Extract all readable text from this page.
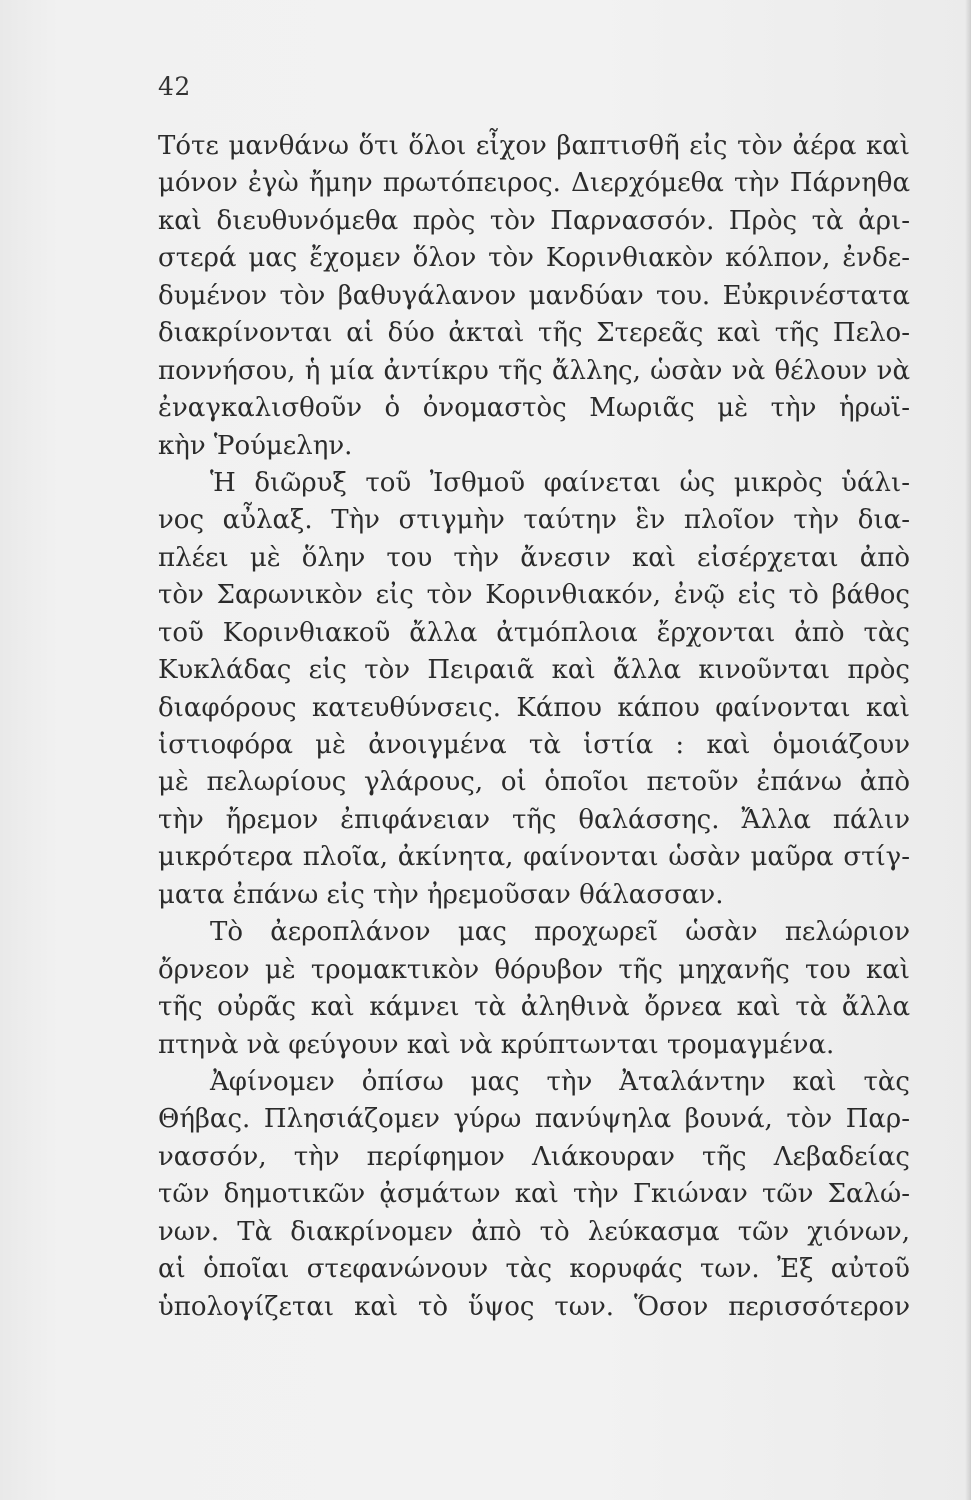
42
Τότε μανθάνω ὅτι ὅλοι εἶχον βαπτισθῆ εἰς τὸν ἀέρα καὶ
μόνον ἐγὼ ἤμην πρωτόπειρος. Διερχόμεθα τὴν Πάρνηθα
καὶ διευθυνόμεθα πρὸς τὸν Παρνασσόν. Πρὸς τὰ ἀρι-
στερά μας ἔχομεν ὅλον τὸν Κορινθιακὸν κόλπον, ἐνδε-
δυμένον τὸν βαθυγάλανον μανδύαν του. Εὐκρινέστατα
διακρίνονται αἱ δύο ἀκταὶ τῆς Στερεᾶς καὶ τῆς Πελο-
ποννήσου, ἡ μία ἀντίκρυ τῆς ἄλλης, ὡσὰν νὰ θέλουν νὰ
ἐναγκαλισθοῦν ὁ ὀνομαστὸς Μωριᾶς μὲ τὴν ἡρωϊ-
κὴν Ῥούμελην.
Ἡ διῶρυξ τοῦ Ἰσθμοῦ φαίνεται ὡς μικρὸς ὑάλι-
νος αὖλαξ. Τὴν στιγμὴν ταύτην ἓν πλοῖον τὴν δια-
πλέει μὲ ὅλην του τὴν ἄνεσιν καὶ εἰσέρχεται ἀπὸ
τὸν Σαρωνικὸν εἰς τὸν Κορινθιακόν, ἐνῷ εἰς τὸ βάθος
τοῦ Κορινθιακοῦ ἄλλα ἀτμόπλοια ἔρχονται ἀπὸ τὰς
Κυκλάδας εἰς τὸν Πειραιᾶ καὶ ἄλλα κινοῦνται πρὸς
διαφόρους κατευθύνσεις. Κάπου κάπου φαίνονται καὶ
ἱστιοφόρα μὲ ἀνοιγμένα τὰ ἱστία : καὶ ὁμοιάζουν
μὲ πελωρίους γλάρους, οἱ ὁποῖοι πετοῦν ἐπάνω ἀπὸ
τὴν ἤρεμον ἐπιφάνειαν τῆς θαλάσσης. Ἄλλα πάλιν
μικρότερα πλοῖα, ἀκίνητα, φαίνονται ὡσὰν μαῦρα στίγ-
ματα ἐπάνω εἰς τὴν ἠρεμοῦσαν θάλασσαν.
Τὸ ἀεροπλάνον μας προχωρεῖ ὡσὰν πελώριον
ὄρνεον μὲ τρομακτικὸν θόρυβον τῆς μηχανῆς του καὶ
τῆς οὐρᾶς καὶ κάμνει τὰ ἀληθινὰ ὄρνεα καὶ τὰ ἄλλα
πτηνὰ νὰ φεύγουν καὶ νὰ κρύπτωνται τρομαγμένα.
Ἀφίνομεν ὀπίσω μας τὴν Ἀταλάντην καὶ τὰς
Θήβας. Πλησιάζομεν γύρω πανύψηλα βουνά, τὸν Παρ-
νασσόν, τὴν περίφημον Λιάκουραν τῆς Λεβαδείας
τῶν δημοτικῶν ᾀσμάτων καὶ τὴν Γκιώναν τῶν Σαλώ-
νων. Τὰ διακρίνομεν ἀπὸ τὸ λεύκασμα τῶν χιόνων,
αἱ ὁποῖαι στεφανώνουν τὰς κορυφάς των. Ἐξ αὐτοῦ
ὑπολογίζεται καὶ τὸ ὕψος των. Ὅσον περισσότερον
